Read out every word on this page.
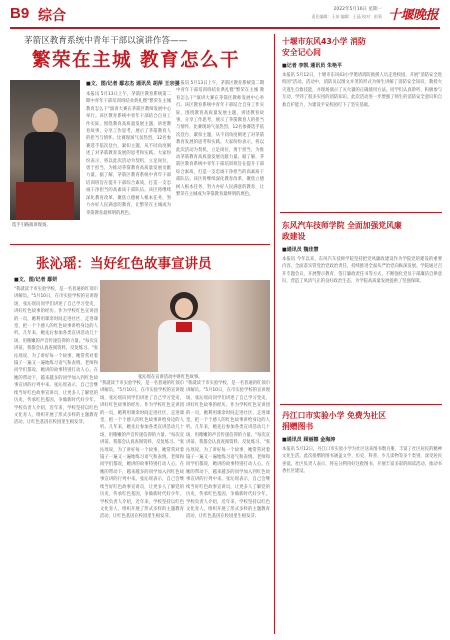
B9 综合	2022年5月16日 星期一
责任编辑：王冰 编辑：王晶 校对：彭莉 十堰晚报
茅箭区教育系统中青年干部以演讲作答——
繁荣在主城 教育怎么干
选手引路演讲现场。
■文、图/记者 鄢志杰 通讯员 胡萍 王宗强
本报讯 5月13日上午，茅箭区教育系统第二期中青年干部培训班结业典礼暨"繁荣在主城 教育怎么干"演讲大赛在茅箭区教师发展中心举行。该区教育系统中青年干部结合自身工作实际，围绕教育高质量发展主题，讲述教育故事，分享工作思考，展示了茅箭教育人的担当与情怀。比赛现场气氛热烈，12名参赛选手依次登台，紧扣主题，从不同角度阐述了对茅箭教育发展的思考和实践。大家纷纷表示，将以此次活动为契机，立足岗位，勇于担当，为推动茅箭教育高质量发展贡献力量。据了解，茅箭区教育系统中青年干部培训班旨在提升干部综合素质，打造一支忠诚干净担当的高素质干部队伍。该区将继续深化教育改革，聚焦立德树人根本任务，努力办好人民满意的教育，让繁荣在主城成为茅箭教育最鲜明的底色。
本报讯 5月13日上午，茅箭区教育系统第二期中青年干部培训班结业典礼暨"繁荣在主城 教育怎么干"演讲大赛在茅箭区教师发展中心举行。该区教育系统中青年干部结合自身工作实际，围绕教育高质量发展主题，讲述教育故事，分享工作思考，展示了茅箭教育人的担当与情怀。比赛现场气氛热烈，12名参赛选手依次登台，紧扣主题，从不同角度阐述了对茅箭教育发展的思考和实践。大家纷纷表示，将以此次活动为契机，立足岗位，勇于担当，为推动茅箭教育高质量发展贡献力量。据了解，茅箭区教育系统中青年干部培训班旨在提升干部综合素质，打造一支忠诚干净担当的高素质干部队伍。该区将继续深化教育改革，聚焦立德树人根本任务，努力办好人民满意的教育，让繁荣在主城成为茅箭教育最鲜明的底色。
张沁瑶：当好红色故事宣讲员
■文、图/记者 鄢妍
"我就读于市实验学校，是一名普通的红领巾讲解员。"5月10日，在市实验学校的宣讲现场，张沁瑶向同学们讲述了自己学习党史、讲好红色故事的经历。作为学校红色宣讲团的一员，她利用课余时间走进社区、走进课堂，把一个个感人的红色故事讲给身边的人听。几年来，她先后参加各类宣讲活动几十场，用稚嫩的声音传递信仰的力量。"每次宣讲前，我都会认真查阅资料，反复练习。"张沁瑶说，为了讲好每一个故事，她常常对着镜子一遍又一遍地练习语气和表情。老师和同学们都说，她讲的故事特别打动人心。在她的带动下，越来越多的同学加入到红色故事宣讲的行列中来。张沁瑶表示，自己会继续当好红色故事宣讲员，让更多人了解党的历史，传承红色基因，争做新时代好少年。学校负责人介绍，近年来，学校坚持以红色文化育人，组织开展了形式多样的主题教育活动，让红色基因在校园里生根发芽。
"我就读于市实验学校，是一名普通的红领巾讲解员。"5月10日，在市实验学校的宣讲现场，张沁瑶向同学们讲述了自己学习党史、讲好红色故事的经历。作为学校红色宣讲团的一员，她利用课余时间走进社区、走进课堂，把一个个感人的红色故事讲给身边的人听。几年来，她先后参加各类宣讲活动几十场，用稚嫩的声音传递信仰的力量。"每次宣讲前，我都会认真查阅资料，反复练习。"张沁瑶说，为了讲好每一个故事，她常常对着镜子一遍又一遍地练习语气和表情。老师和同学们都说，她讲的故事特别打动人心。在她的带动下，越来越多的同学加入到红色故事宣讲的行列中来。张沁瑶表示，自己会继续当好红色故事宣讲员，让更多人了解党的历史，传承红色基因，争做新时代好少年。学校负责人介绍，近年来，学校坚持以红色文化育人，组织开展了形式多样的主题教育活动，让红色基因在校园里生根发芽。
"我就读于市实验学校，是一名普通的红领巾讲解员。"5月10日，在市实验学校的宣讲现场，张沁瑶向同学们讲述了自己学习党史、讲好红色故事的经历。作为学校红色宣讲团的一员，她利用课余时间走进社区、走进课堂，把一个个感人的红色故事讲给身边的人听。几年来，她先后参加各类宣讲活动几十场，用稚嫩的声音传递信仰的力量。"每次宣讲前，我都会认真查阅资料，反复练习。"张沁瑶说，为了讲好每一个故事，她常常对着镜子一遍又一遍地练习语气和表情。老师和同学们都说，她讲的故事特别打动人心。在她的带动下，越来越多的同学加入到红色故事宣讲的行列中来。张沁瑶表示，自己会继续当好红色故事宣讲员，让更多人了解党的历史，传承红色基因，争做新时代好少年。学校负责人介绍，近年来，学校坚持以红色文化育人，组织开展了形式多样的主题教育活动，让红色基因在校园里生根发芽。
张沁瑶在宣讲活动中讲红色故事。
十堰市东风43小学 消防安全记心间
■记者 李凯 通讯员 朱艳平
本报讯 5月12日，十堰市东风43小学邀请消防救援人员走进校园，开展"消防安全进校园"活动。活动中，消防员以图文并茂的形式为师生讲解了消防安全知识，教授火灾逃生自救技能，并现场演示了灭火器的正确使用方法。同学们认真聆听，积极参与互动，学到了很多实用的消防知识。此次活动进一步增强了师生的消防安全意识和自救自护能力，为建设平安校园打下了坚实基础。
东风汽车技师学院 全面加强党风廉政建设
■通讯员 魏佳慧
本报讯 今年以来，东风汽车技师学院坚持把党风廉政建设作为学院党的建设的重要内容，全面落实管党治党政治责任，持续推进全面从严治党向纵深发展。学院通过召开专题会议、开展警示教育、签订廉政责任书等方式，不断强化党员干部廉洁自律意识，营造了风清气正的良好政治生态，为学院高质量发展提供了坚强保障。
丹江口市实验小学 免费为社区捐赠图书
■通讯员 顾丽娜 金海涛
本报讯 5月12日，丹江口市实验小学为社区送来图书数百册，丰富了社区居民的精神文化生活。此次捐赠的图书涵盖文学、历史、科普、少儿读物等多个类别，深受居民喜爱。社区负责人表示，将充分利用好这批图书，开展丰富多彩的阅读活动，推动书香社区建设。
